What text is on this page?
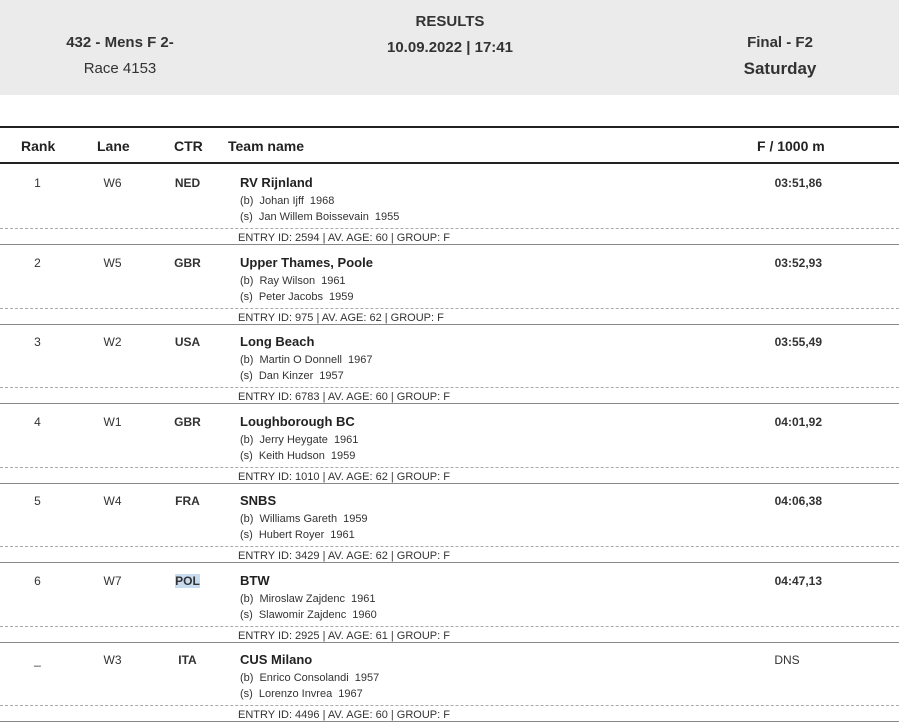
432 - Mens F 2-
Race 4153
RESULTS
10.09.2022 | 17:41	Final - F2
Saturday
Rank	Lane	CTR Team name	F / 1000 m
1	W6	NED	RV Rijnland
(b) Johan Ijff 1968
(s) Jan Willem Boissevain 1955
03:51,86
ENTRY ID: 2594 | AV. AGE: 60 | GROUP: F
2	W5	GBR	Upper Thames, Poole
(b) Ray Wilson 1961
(s) Peter Jacobs 1959
03:52,93
ENTRY ID: 975 | AV. AGE: 62 | GROUP: F
3	W2	USA	Long Beach
(b) Martin O Donnell 1967
(s) Dan Kinzer 1957
03:55,49
ENTRY ID: 6783 | AV. AGE: 60 | GROUP: F
4	W1	GBR	Loughborough BC
(b) Jerry Heygate 1961
(s) Keith Hudson 1959
04:01,92
ENTRY ID: 1010 | AV. AGE: 62 | GROUP: F
5	W4	FRA	SNBS
(b) Williams Gareth 1959
(s) Hubert Royer 1961
04:06,38
ENTRY ID: 3429 | AV. AGE: 62 | GROUP: F
6	W7	POL	BTW
(b) Miroslaw Zajdenc 1961
(s) Slawomir Zajdenc 1960
04:47,13
ENTRY ID: 2925 | AV. AGE: 61 | GROUP: F
_	W3	ITA	CUS Milano
(b) Enrico Consolandi 1957
(s) Lorenzo Invrea 1967
DNS
ENTRY ID: 4496 | AV. AGE: 60 | GROUP: F
